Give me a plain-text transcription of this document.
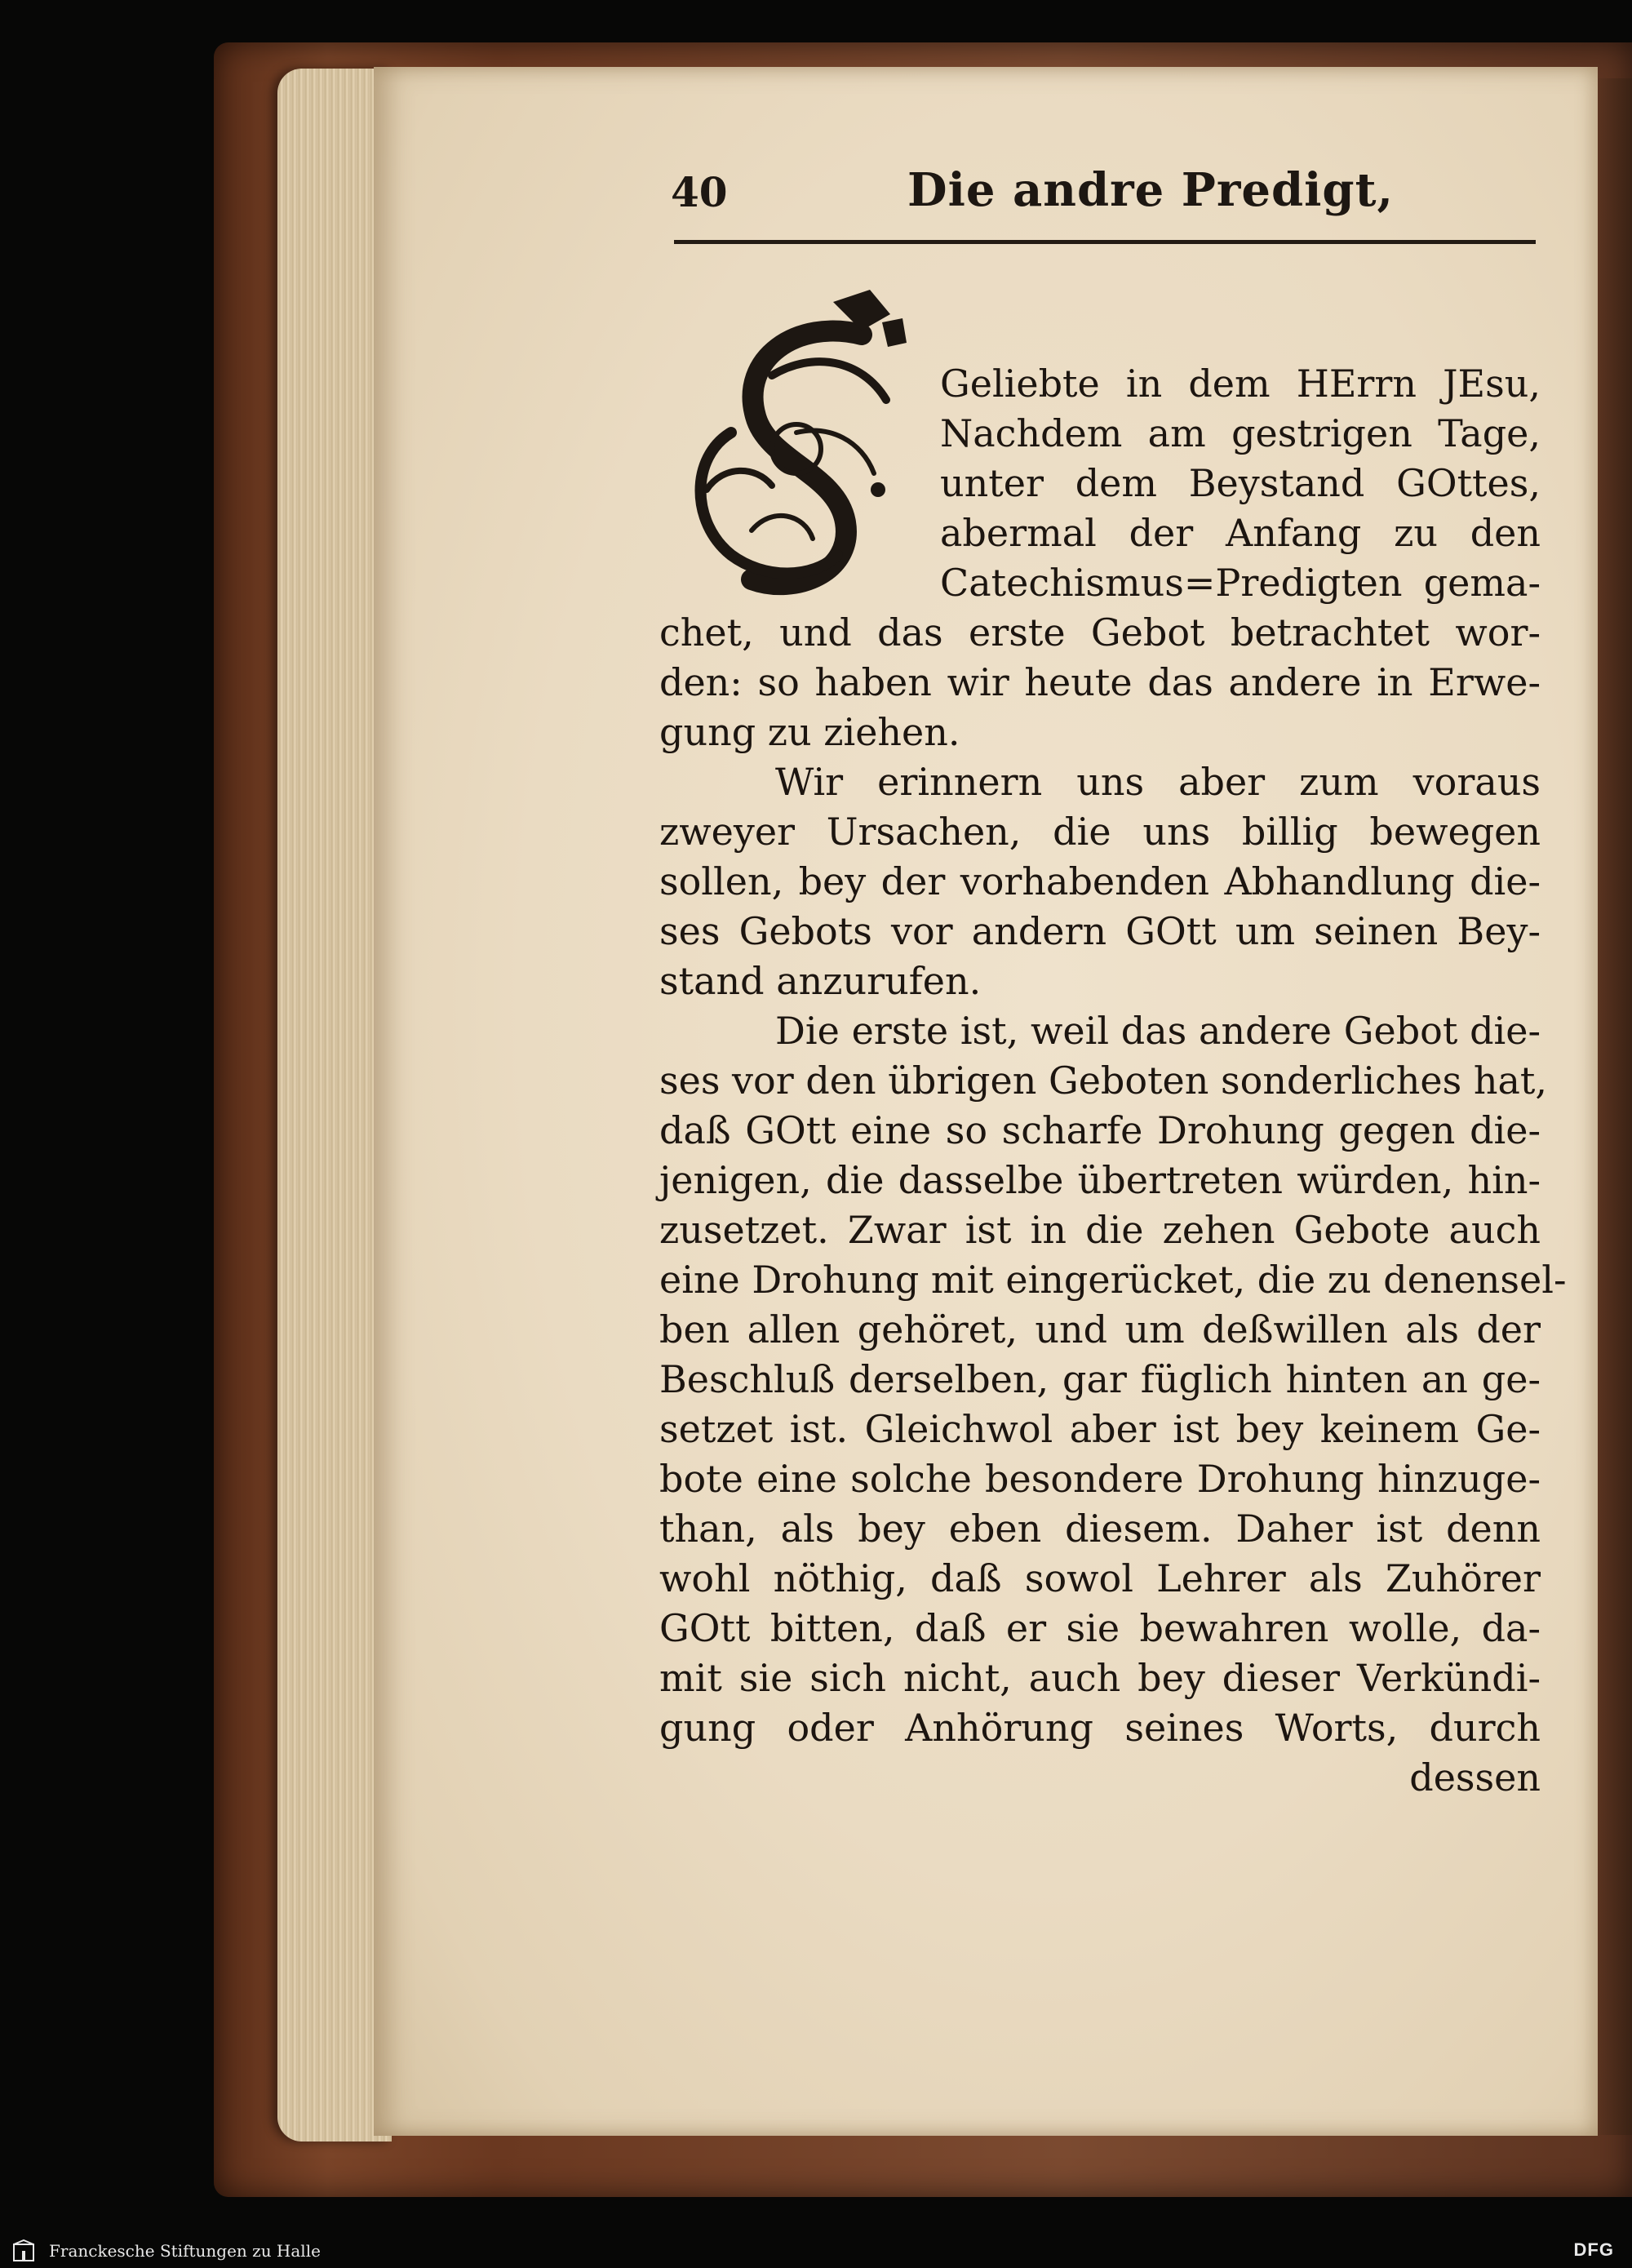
40	Die andre Predigt,
Geliebte in dem HErrn JEsu,
Nachdem am gestrigen Tage,
unter dem Beystand GOttes,
abermal der Anfang zu den
Catechismus=Predigten gema-
chet, und das erste Gebot betrachtet wor-
den: so haben wir heute das andere in Erwe-
gung zu ziehen.
Wir erinnern uns aber zum voraus
zweyer Ursachen, die uns billig bewegen
sollen, bey der vorhabenden Abhandlung die-
ses Gebots vor andern GOtt um seinen Bey-
stand anzurufen.
Die erste ist, weil das andere Gebot die-
ses vor den übrigen Geboten sonderliches hat,
daß GOtt eine so scharfe Drohung gegen die-
jenigen, die dasselbe übertreten würden, hin-
zusetzet. Zwar ist in die zehen Gebote auch
eine Drohung mit eingerücket, die zu denensel-
ben allen gehöret, und um deßwillen als der
Beschluß derselben, gar füglich hinten an ge-
setzet ist. Gleichwol aber ist bey keinem Ge-
bote eine solche besondere Drohung hinzuge-
than, als bey eben diesem. Daher ist denn
wohl nöthig, daß sowol Lehrer als Zuhörer
GOtt bitten, daß er sie bewahren wolle, da-
mit sie sich nicht, auch bey dieser Verkündi-
gung oder Anhörung seines Worts, durch
dessen
Franckesche Stiftungen zu Halle	DFG
